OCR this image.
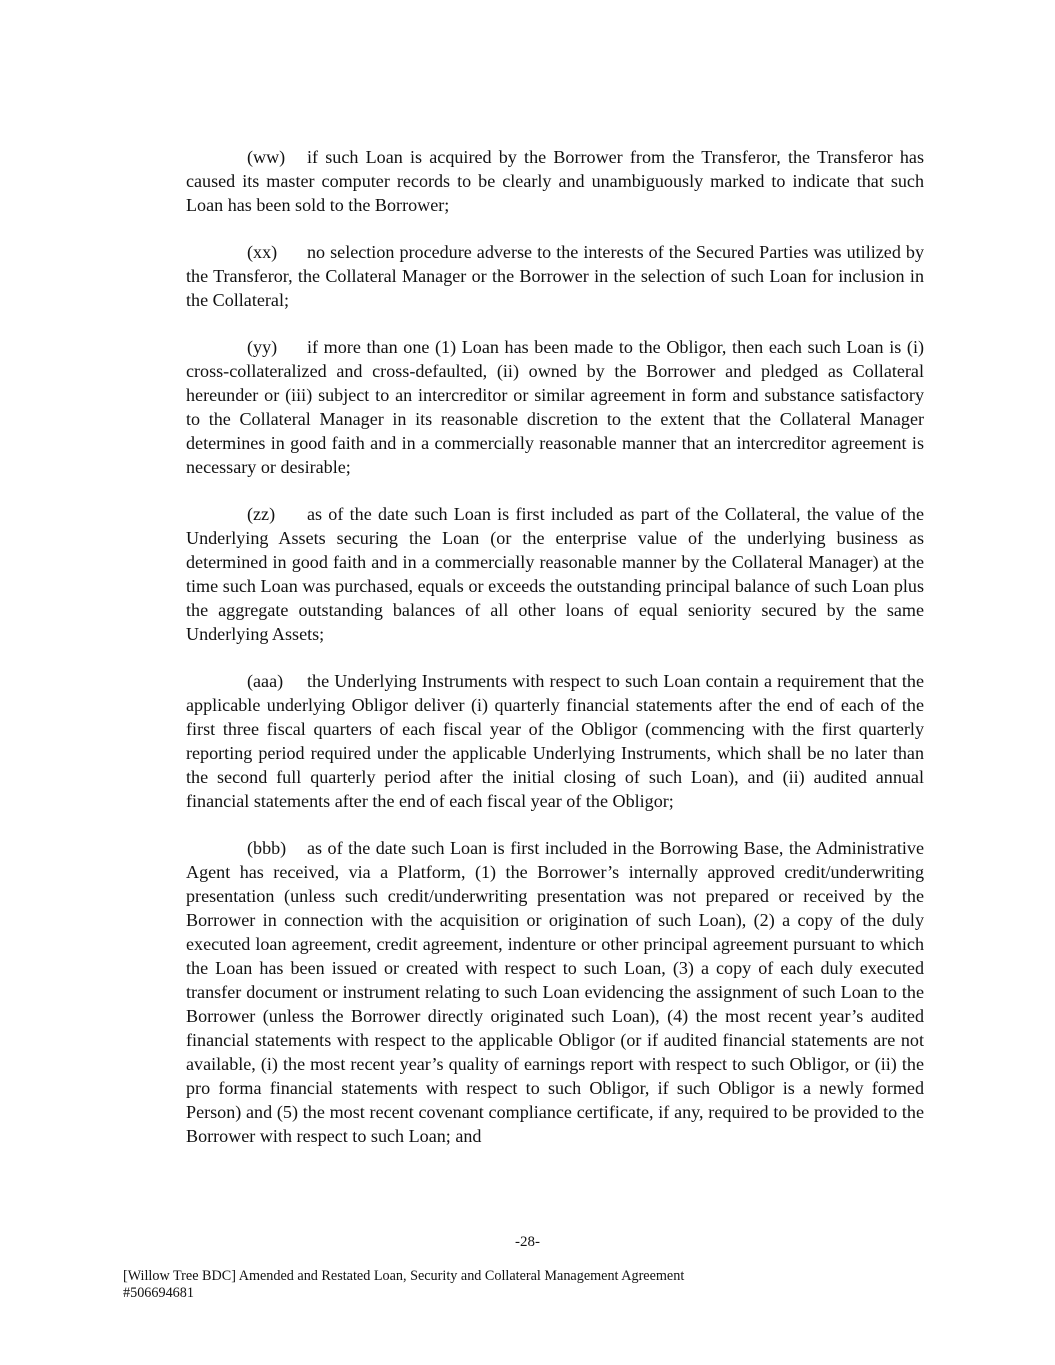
(ww) if such Loan is acquired by the Borrower from the Transferor, the Transferor has caused its master computer records to be clearly and unambiguously marked to indicate that such Loan has been sold to the Borrower;

(xx) no selection procedure adverse to the interests of the Secured Parties was utilized by the Transferor, the Collateral Manager or the Borrower in the selection of such Loan for inclusion in the Collateral;

(yy) if more than one (1) Loan has been made to the Obligor, then each such Loan is (i) cross-collateralized and cross-defaulted, (ii) owned by the Borrower and pledged as Collateral hereunder or (iii) subject to an intercreditor or similar agreement in form and substance satisfactory to the Collateral Manager in its reasonable discretion to the extent that the Collateral Manager determines in good faith and in a commercially reasonable manner that an intercreditor agreement is necessary or desirable;

(zz) as of the date such Loan is first included as part of the Collateral, the value of the Underlying Assets securing the Loan (or the enterprise value of the underlying business as determined in good faith and in a commercially reasonable manner by the Collateral Manager) at the time such Loan was purchased, equals or exceeds the outstanding principal balance of such Loan plus the aggregate outstanding balances of all other loans of equal seniority secured by the same Underlying Assets;

(aaa) the Underlying Instruments with respect to such Loan contain a requirement that the applicable underlying Obligor deliver (i) quarterly financial statements after the end of each of the first three fiscal quarters of each fiscal year of the Obligor (commencing with the first quarterly reporting period required under the applicable Underlying Instruments, which shall be no later than the second full quarterly period after the initial closing of such Loan), and (ii) audited annual financial statements after the end of each fiscal year of the Obligor;

(bbb) as of the date such Loan is first included in the Borrowing Base, the Administrative Agent has received, via a Platform, (1) the Borrower’s internally approved credit/underwriting presentation (unless such credit/underwriting presentation was not prepared or received by the Borrower in connection with the acquisition or origination of such Loan), (2) a copy of the duly executed loan agreement, credit agreement, indenture or other principal agreement pursuant to which the Loan has been issued or created with respect to such Loan, (3) a copy of each duly executed transfer document or instrument relating to such Loan evidencing the assignment of such Loan to the Borrower (unless the Borrower directly originated such Loan), (4) the most recent year’s audited financial statements with respect to the applicable Obligor (or if audited financial statements are not available, (i) the most recent year’s quality of earnings report with respect to such Obligor, or (ii) the pro forma financial statements with respect to such Obligor, if such Obligor is a newly formed Person) and (5) the most recent covenant compliance certificate, if any, required to be provided to the Borrower with respect to such Loan; and

-28-
[Willow Tree BDC] Amended and Restated Loan, Security and Collateral Management Agreement
#506694681
